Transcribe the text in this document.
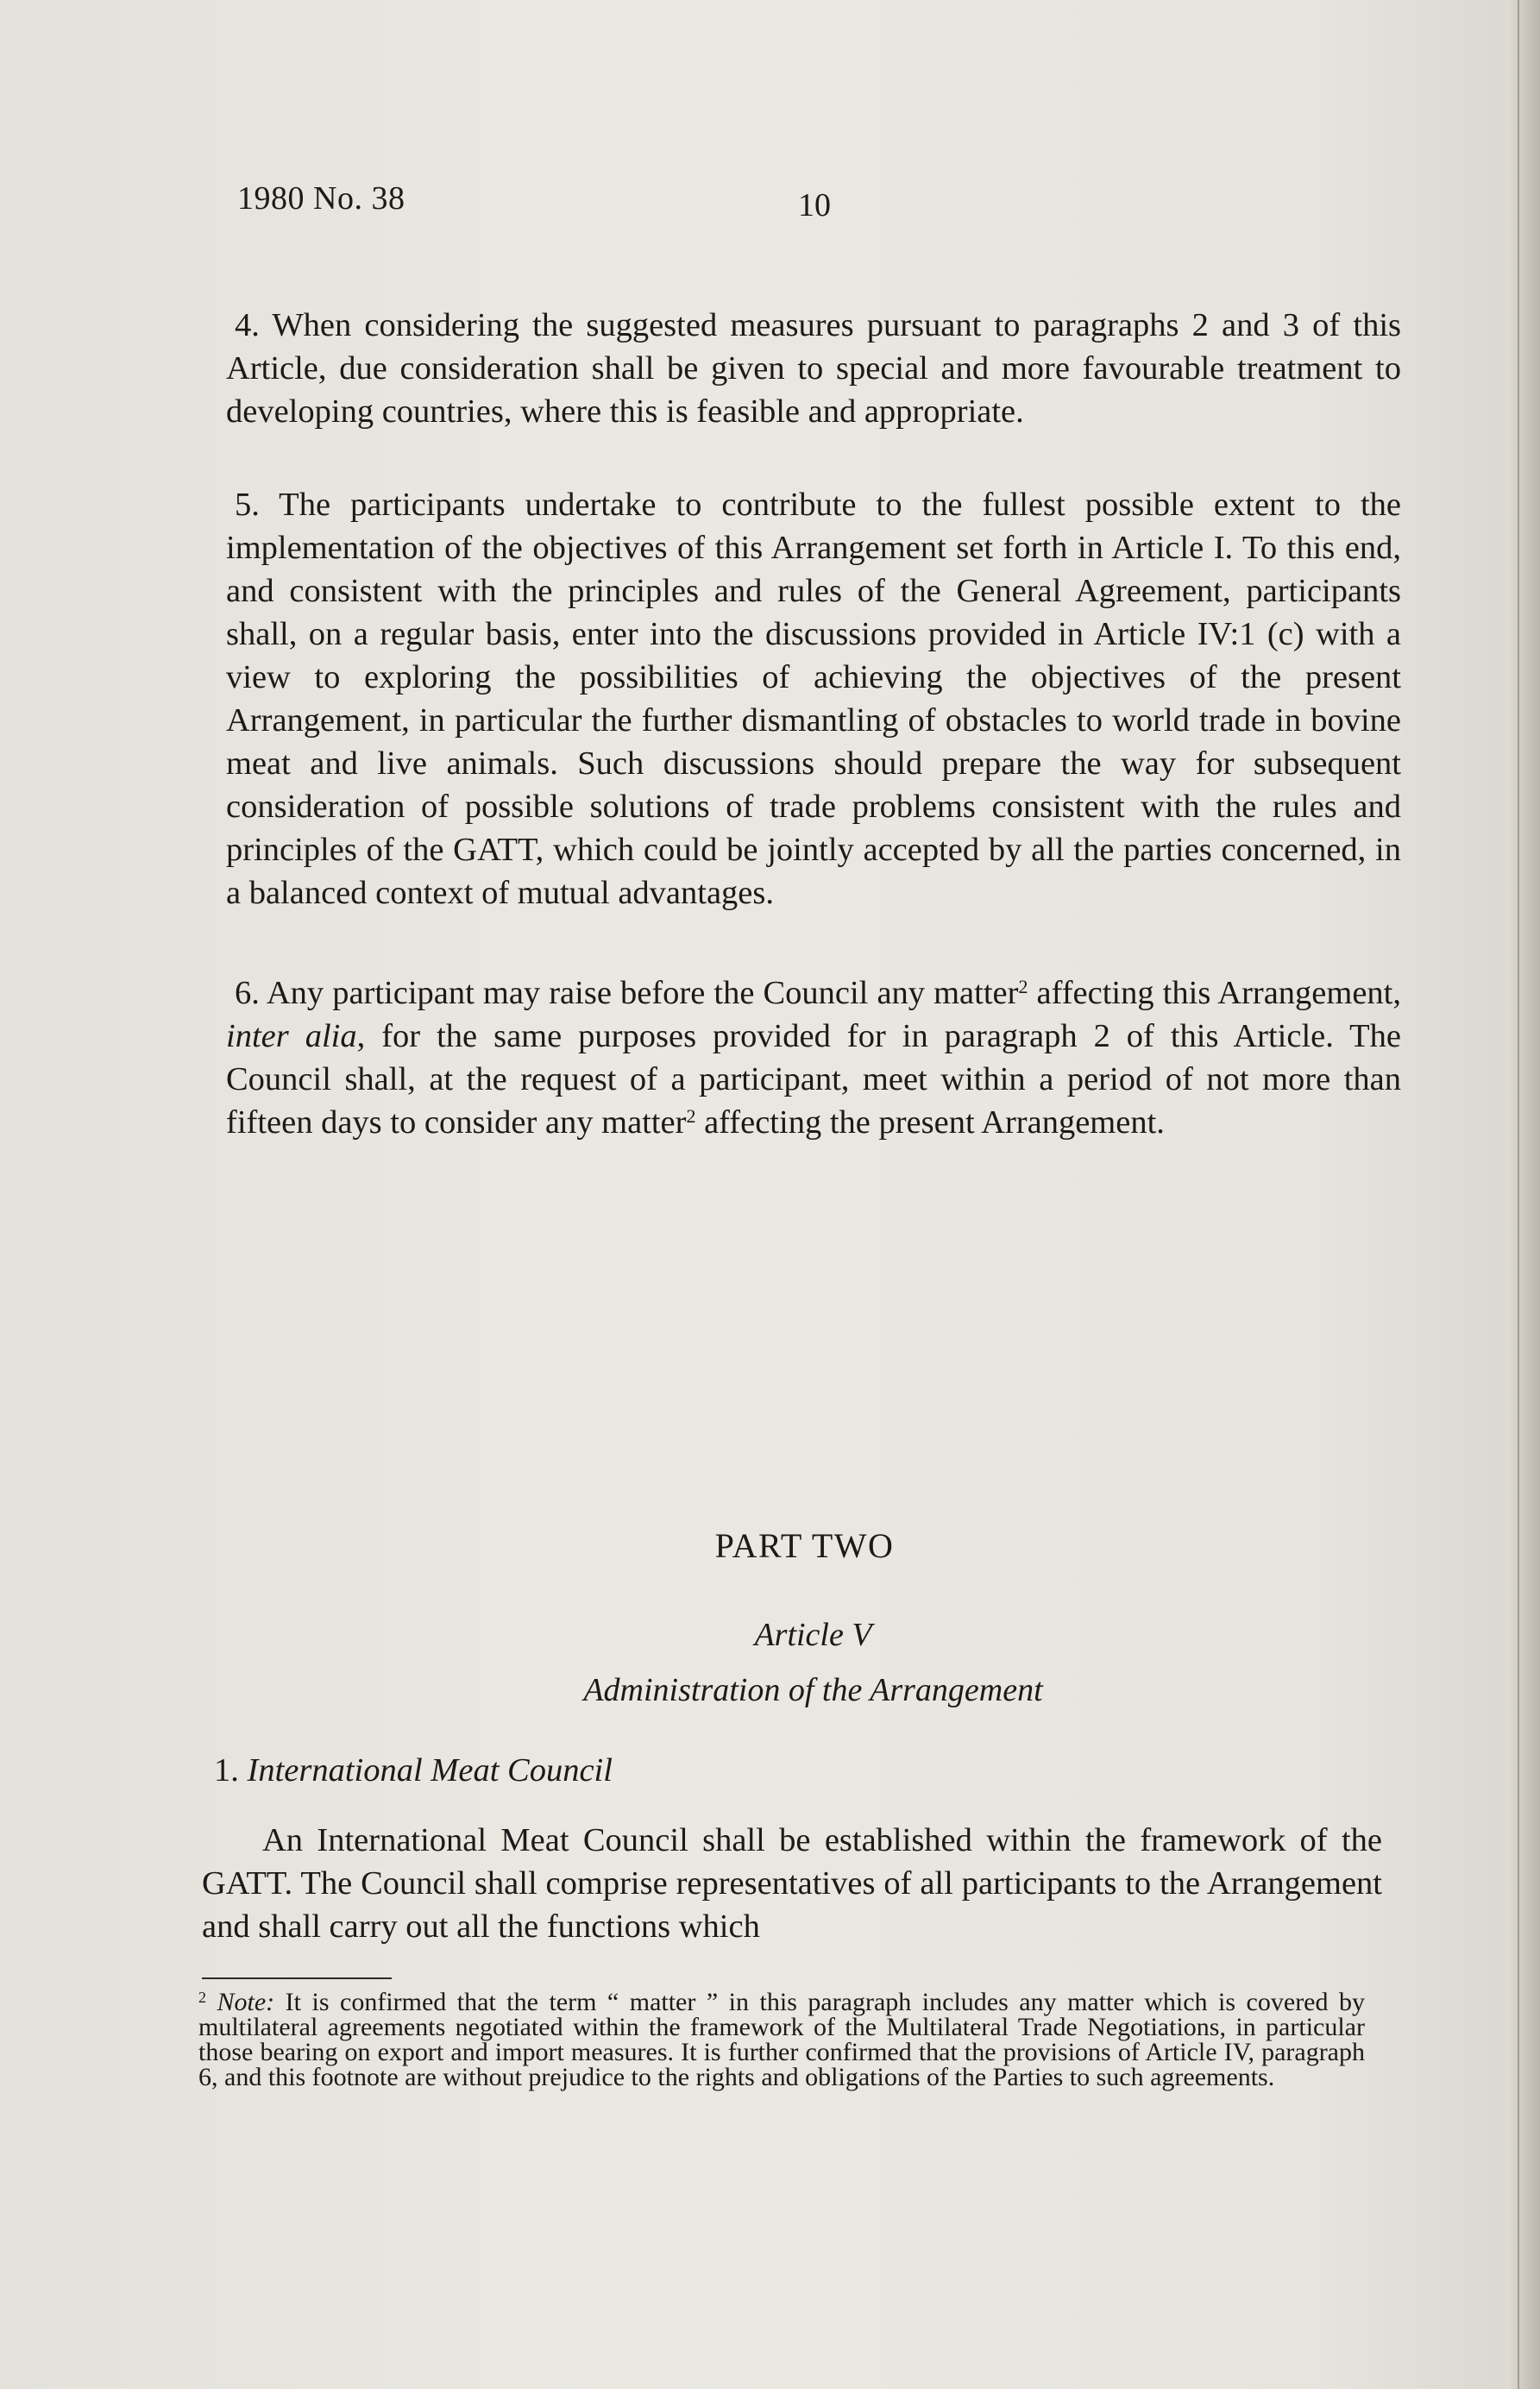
1980 No. 38	10

4. When considering the suggested measures pursuant to paragraphs 2 and 3 of this Article, due consideration shall be given to special and more favourable treatment to developing countries, where this is feasible and appropriate.

5. The participants undertake to contribute to the fullest possible extent to the implementation of the objectives of this Arrangement set forth in Article I. To this end, and consistent with the principles and rules of the General Agreement, participants shall, on a regular basis, enter into the discussions provided in Article IV:1 (c) with a view to exploring the possibilities of achieving the objectives of the present Arrangement, in particular the further dismantling of obstacles to world trade in bovine meat and live animals. Such discussions should prepare the way for subsequent consideration of possible solutions of trade problems consistent with the rules and principles of the GATT, which could be jointly accepted by all the parties concerned, in a balanced context of mutual advantages.

6. Any participant may raise before the Council any matter$^2$ affecting this Arrangement, inter alia, for the same purposes provided for in paragraph 2 of this Article. The Council shall, at the request of a participant, meet within a period of not more than fifteen days to consider any matter$^2$ affecting the present Arrangement.

PART TWO
Article V
Administration of the Arrangement
1. International Meat Council
An International Meat Council shall be established within the framework of the GATT. The Council shall comprise representatives of all participants to the Arrangement and shall carry out all the functions which
$^2$ Note: It is confirmed that the term “ matter ” in this paragraph includes any matter which is covered by multilateral agreements negotiated within the framework of the Multilateral Trade Negotiations, in particular those bearing on export and import measures. It is further confirmed that the provisions of Article IV, paragraph 6, and this footnote are without prejudice to the rights and obligations of the Parties to such agreements.
